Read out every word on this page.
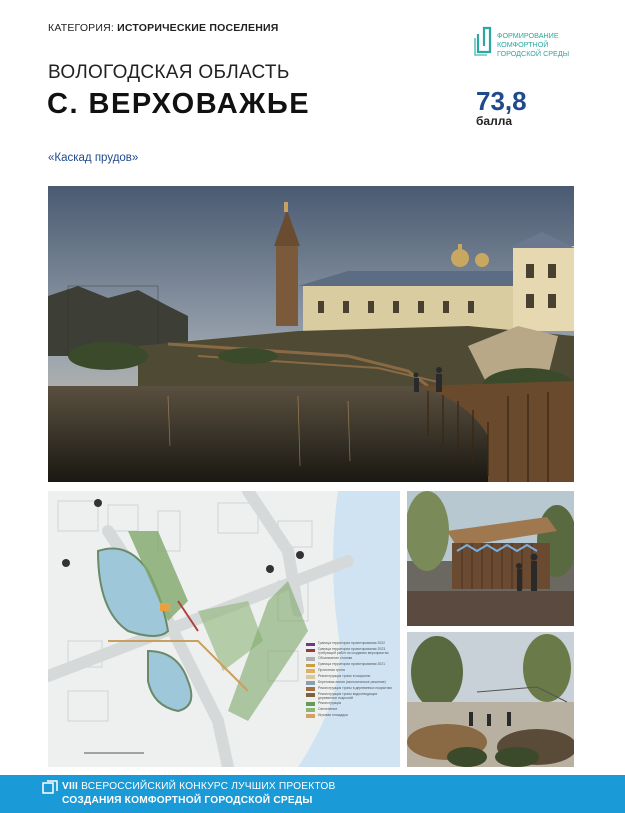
КАТЕГОРИЯ: ИСТОРИЧЕСКИЕ ПОСЕЛЕНИЯ
ВОЛОГОДСКАЯ ОБЛАСТЬ
С. ВЕРХОВАЖЬЕ	73,8
балла
«Каскад прудов»
ФОРМИРОВАНИЕ
КОМФОРТНОЙ
ГОРОДСКОЙ СРЕДЫ
Граница территории проектирования 2022
Граница территории проектирования 2023, требующей работ по созданию мероприятия
Обозначение стоянки
Граница территории проектирования 2021
Проектная тропа
Реконструкция тропы в покрытии
Береговая линия (экологическое решение)
Реконструкция тропы в деревянных покрытиях
Реконструкция тропы водоотводящих деревянных покрытий
Реконструкция
Озеленение
Игровая площадка
VIII ВСЕРОССИЙСКИЙ КОНКУРС ЛУЧШИХ ПРОЕКТОВ
СОЗДАНИЯ КОМФОРТНОЙ ГОРОДСКОЙ СРЕДЫ
